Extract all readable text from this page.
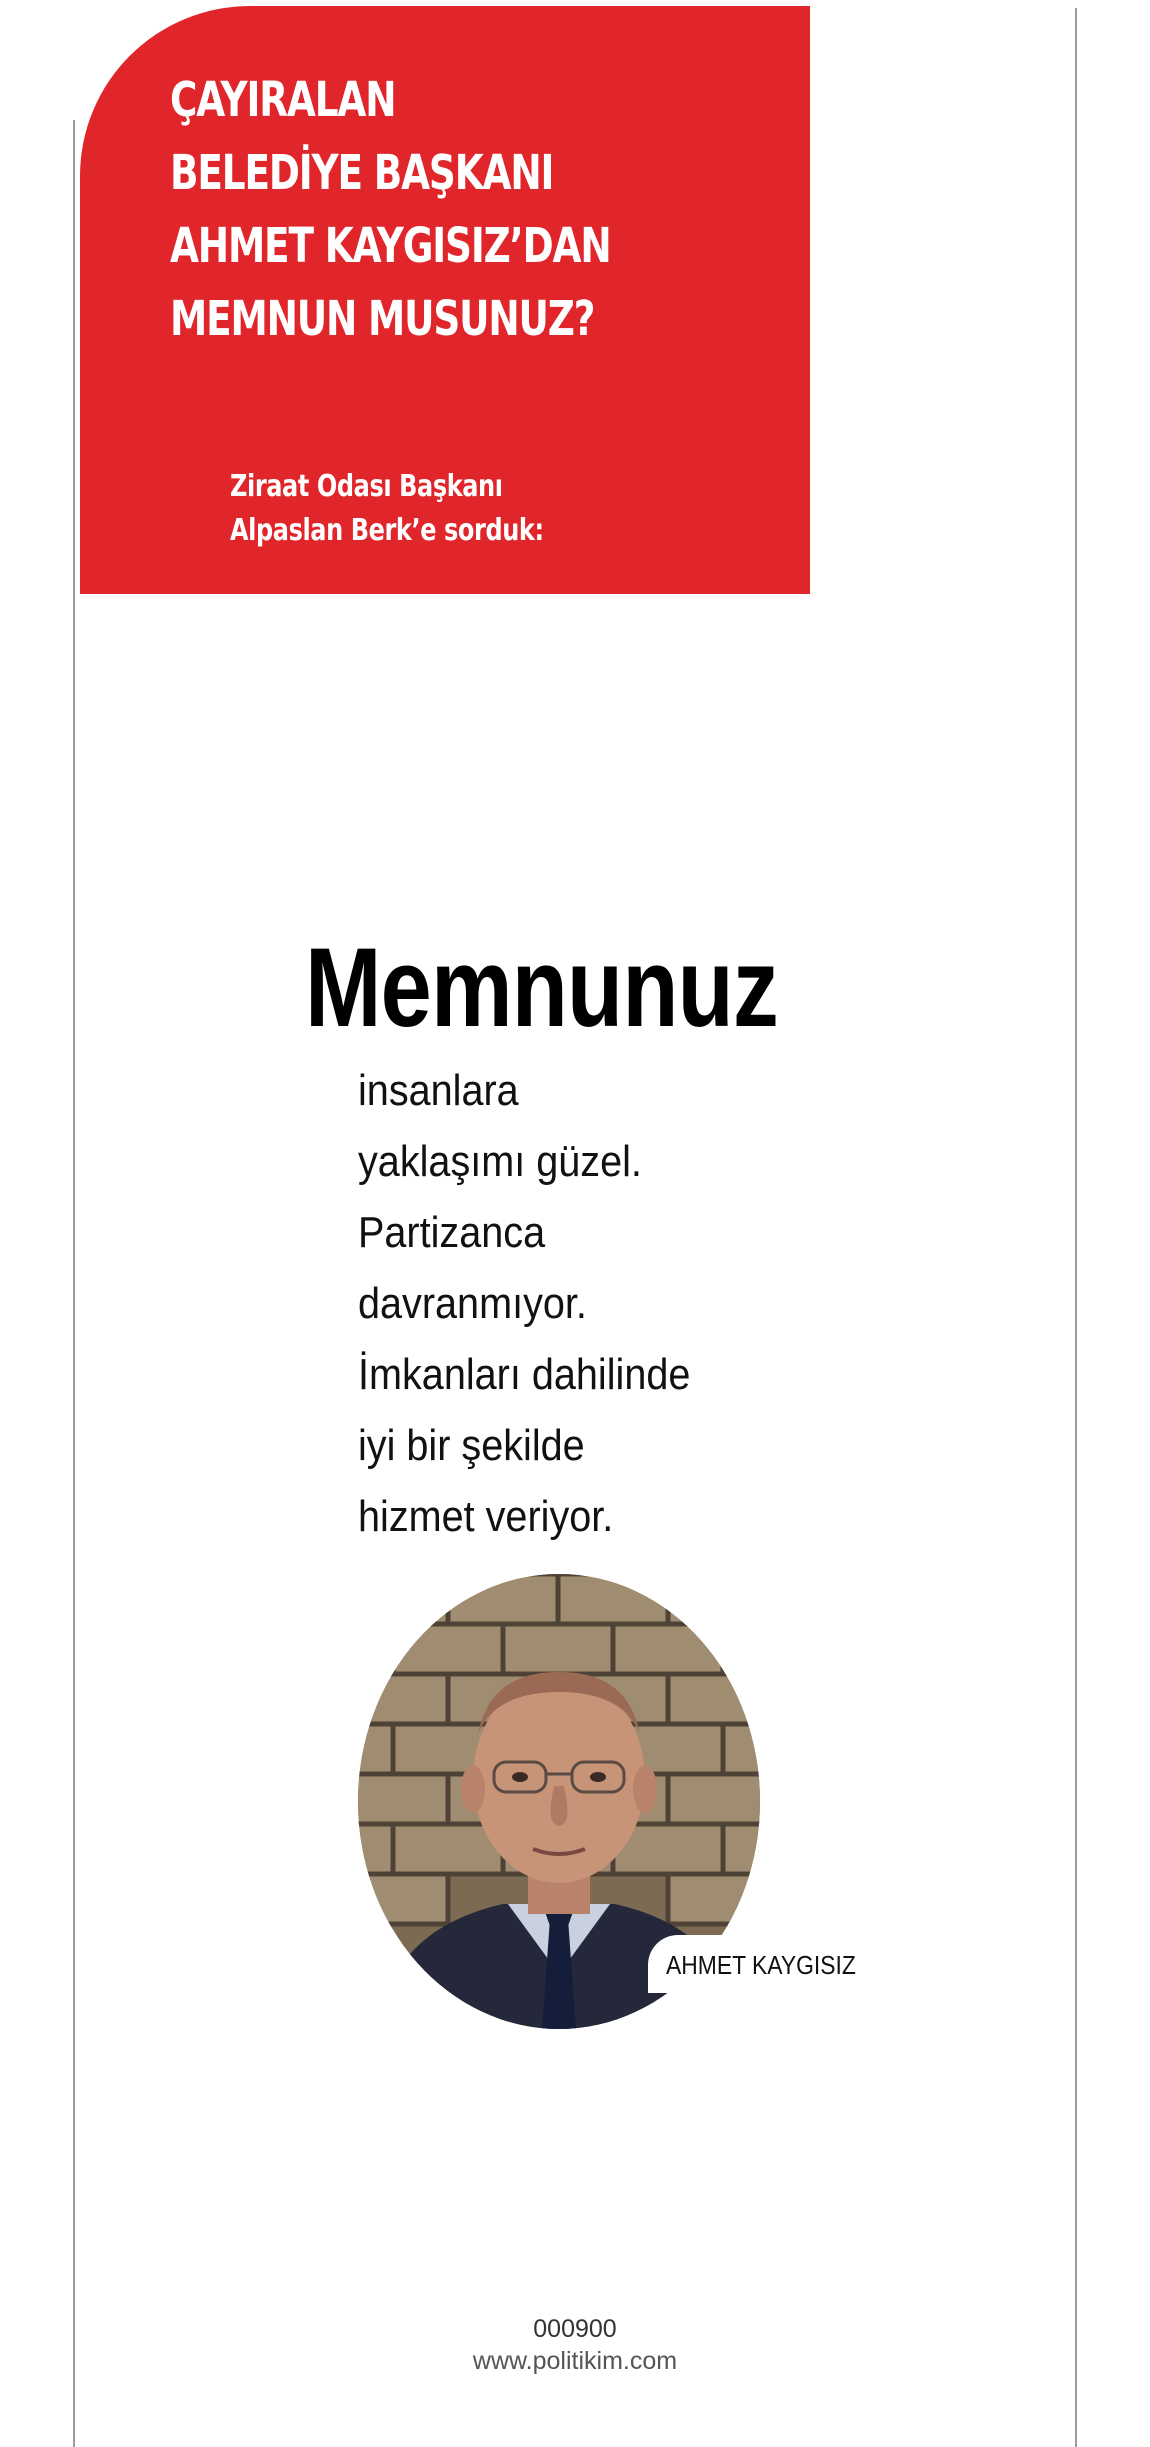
ÇAYIRALAN
BELEDİYE BAŞKANI
AHMET KAYGISIZ’DAN
MEMNUN MUSUNUZ?

Ziraat Odası Başkanı
Alpaslan Berk’e sorduk:

Memnunuz
insanlara
yaklaşımı güzel.
Partizanca
davranmıyor.
İmkanları dahilinde
iyi bir şekilde
hizmet veriyor.
AHMET KAYGISIZ
000900
www.politikim.com
